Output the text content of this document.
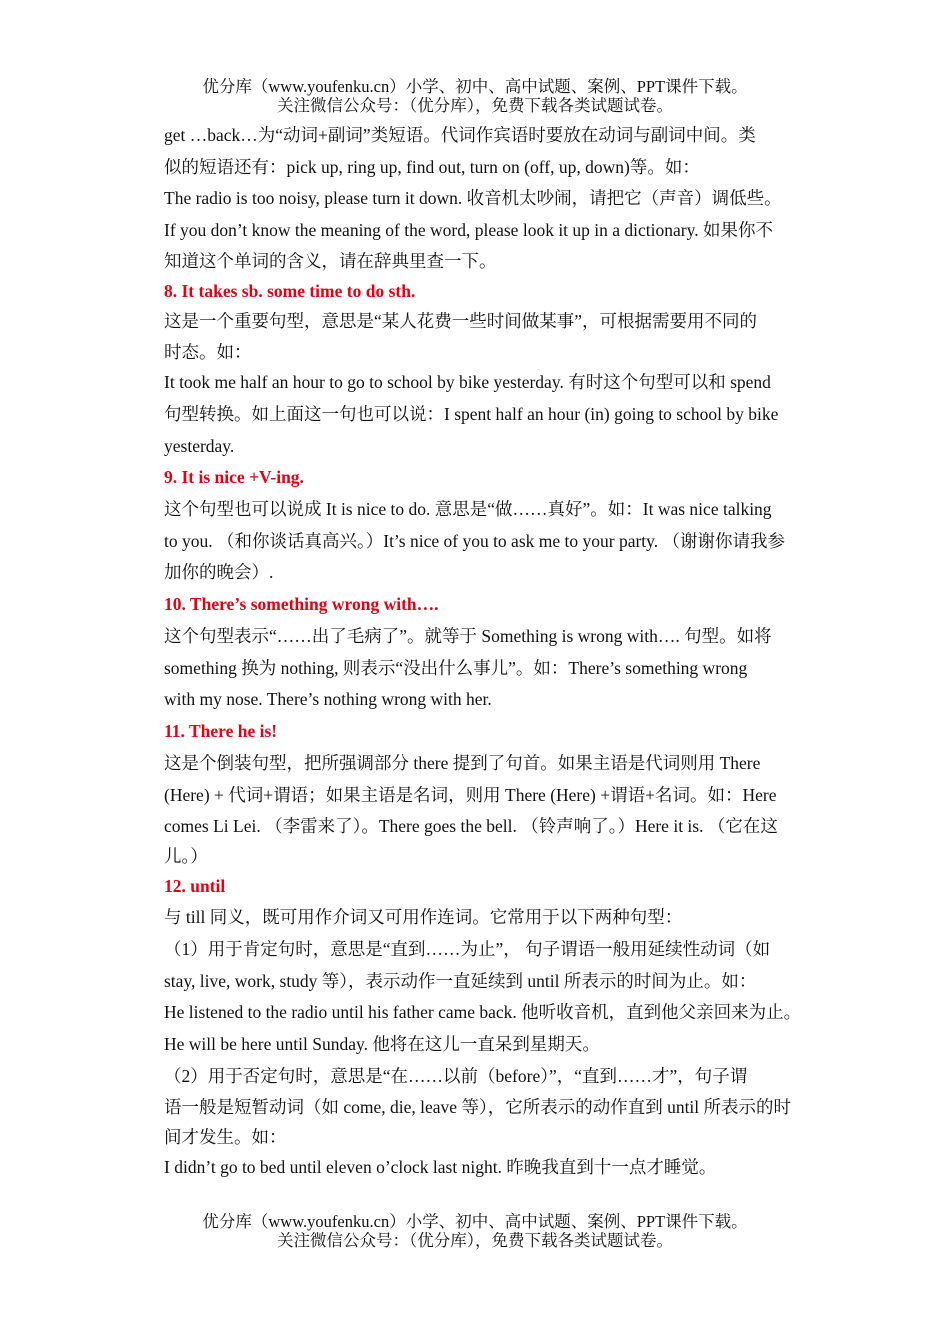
优分库（www.youfenku.cn）小学、初中、高中试题、案例、PPT课件下载。
关注微信公众号：（优分库），免费下载各类试题试卷。
get …back…为“动词+副词”类短语。代词作宾语时要放在动词与副词中间。类
似的短语还有：pick up, ring up, find out, turn on (off, up, down)等。如：
The radio is too noisy, please turn it down. 收音机太吵闹，请把它（声音）调低些。
If you don’t know the meaning of the word, please look it up in a dictionary. 如果你不
知道这个单词的含义，请在辞典里查一下。
8. It takes sb. some time to do sth.
这是一个重要句型，意思是“某人花费一些时间做某事”，可根据需要用不同的
时态。如：
It took me half an hour to go to school by bike yesterday. 有时这个句型可以和 spend
句型转换。如上面这一句也可以说：I spent half an hour (in) going to school by bike
yesterday.
9. It is nice +V-ing.
这个句型也可以说成 It is nice to do. 意思是“做……真好”。如：It was nice talking
to you. （和你谈话真高兴。）It’s nice of you to ask me to your party. （谢谢你请我参
加你的晚会）.
10. There’s something wrong with….
这个句型表示“……出了毛病了”。就等于 Something is wrong with…. 句型。如将
something 换为 nothing, 则表示“没出什么事儿”。如：There’s something wrong
with my nose. There’s nothing wrong with her.
11. There he is!
这是个倒装句型，把所强调部分 there 提到了句首。如果主语是代词则用 There
(Here) + 代词+谓语；如果主语是名词，则用 There (Here) +谓语+名词。如：Here
comes Li Lei. （李雷来了）。There goes the bell. （铃声响了。）Here it is. （它在这
儿。）
12. until
与 till 同义，既可用作介词又可用作连词。它常用于以下两种句型：
（1）用于肯定句时，意思是“直到……为止”， 句子谓语一般用延续性动词（如
stay, live, work, study 等），表示动作一直延续到 until 所表示的时间为止。如：
He listened to the radio until his father came back. 他听收音机，直到他父亲回来为止。
He will be here until Sunday. 他将在这儿一直呆到星期天。
（2）用于否定句时，意思是“在……以前（before）”，“直到……才”，句子谓
语一般是短暂动词（如 come, die, leave 等），它所表示的动作直到 until 所表示的时
间才发生。如：
I didn’t go to bed until eleven o’clock last night. 昨晚我直到十一点才睡觉。
优分库（www.youfenku.cn）小学、初中、高中试题、案例、PPT课件下载。
关注微信公众号：（优分库），免费下载各类试题试卷。
